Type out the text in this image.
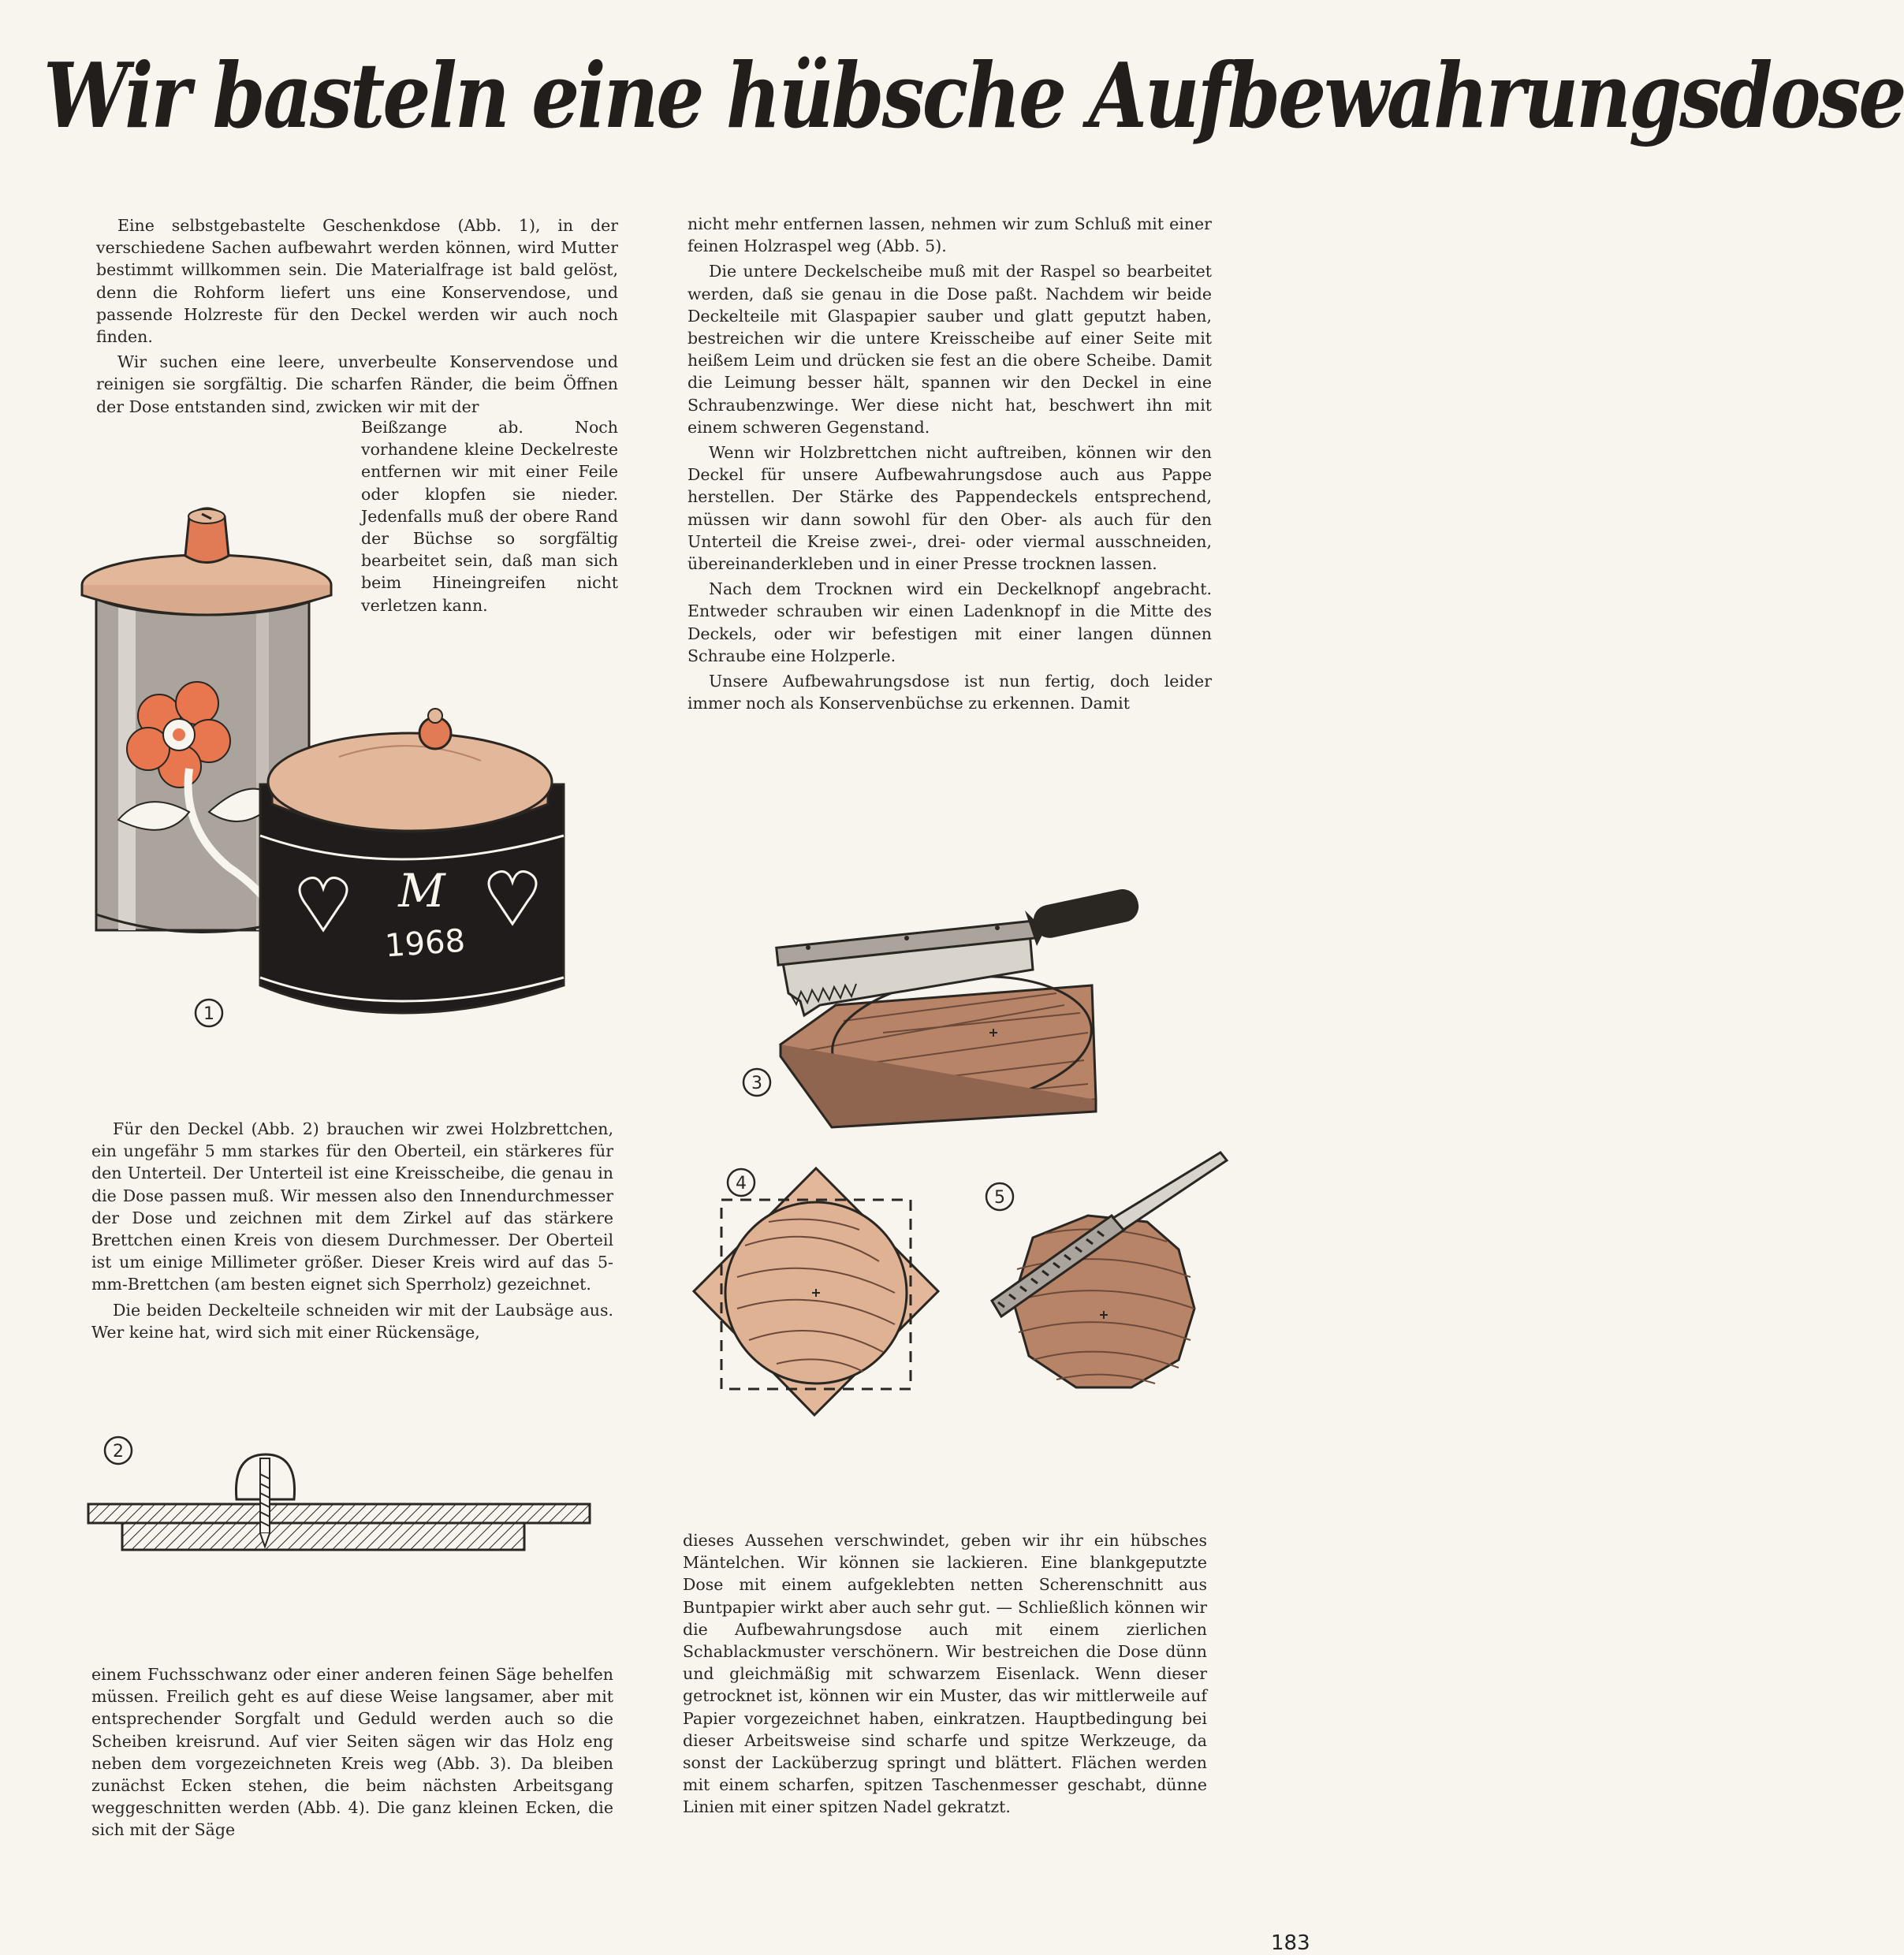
Wir basteln eine hübsche Aufbewahrungsdose

Eine selbstgebastelte Geschenkdose (Abb. 1), in der verschiedene Sachen aufbewahrt werden können, wird Mutter bestimmt willkommen sein. Die Materialfrage ist bald gelöst, denn die Rohform liefert uns eine Konservendose, und passende Holzreste für den Deckel werden wir auch noch finden.

Wir suchen eine leere, unverbeulte Konservendose und reinigen sie sorgfältig. Die scharfen Ränder, die beim Öffnen der Dose entstanden sind, zwicken wir mit der

Beißzange ab. Noch vorhandene kleine Deckelreste entfernen wir mit einer Feile oder klopfen sie nieder. Jedenfalls muß der obere Rand der Büchse so sorgfältig bearbeitet sein, daß man sich beim Hineingreifen nicht verletzen kann.

Für den Deckel (Abb. 2) brauchen wir zwei Holzbrettchen, ein ungefähr 5 mm starkes für den Oberteil, ein stärkeres für den Unterteil. Der Unterteil ist eine Kreisscheibe, die genau in die Dose passen muß. Wir messen also den Innendurchmesser der Dose und zeichnen mit dem Zirkel auf das stärkere Brettchen einen Kreis von diesem Durchmesser. Der Oberteil ist um einige Millimeter größer. Dieser Kreis wird auf das 5-mm-Brettchen (am besten eignet sich Sperrholz) gezeichnet.

Die beiden Deckelteile schneiden wir mit der Laubsäge aus. Wer keine hat, wird sich mit einer Rückensäge,

einem Fuchsschwanz oder einer anderen feinen Säge behelfen müssen. Freilich geht es auf diese Weise langsamer, aber mit entsprechender Sorgfalt und Geduld werden auch so die Scheiben kreisrund. Auf vier Seiten sägen wir das Holz eng neben dem vorgezeichneten Kreis weg (Abb. 3). Da bleiben zunächst Ecken stehen, die beim nächsten Arbeitsgang weggeschnitten werden (Abb. 4). Die ganz kleinen Ecken, die sich mit der Säge

nicht mehr entfernen lassen, nehmen wir zum Schluß mit einer feinen Holzraspel weg (Abb. 5).

Die untere Deckelscheibe muß mit der Raspel so bearbeitet werden, daß sie genau in die Dose paßt. Nachdem wir beide Deckelteile mit Glaspapier sauber und glatt geputzt haben, bestreichen wir die untere Kreisscheibe auf einer Seite mit heißem Leim und drücken sie fest an die obere Scheibe. Damit die Leimung besser hält, spannen wir den Deckel in eine Schraubenzwinge. Wer diese nicht hat, beschwert ihn mit einem schweren Gegenstand.

Wenn wir Holzbrettchen nicht auftreiben, können wir den Deckel für unsere Aufbewahrungsdose auch aus Pappe herstellen. Der Stärke des Pappendeckels entsprechend, müssen wir dann sowohl für den Ober- als auch für den Unterteil die Kreise zwei-, drei- oder viermal ausschneiden, übereinanderkleben und in einer Presse trocknen lassen.

Nach dem Trocknen wird ein Deckelknopf angebracht. Entweder schrauben wir einen Ladenknopf in die Mitte des Deckels, oder wir befestigen mit einer langen dünnen Schraube eine Holzperle.

Unsere Aufbewahrungsdose ist nun fertig, doch leider immer noch als Konservenbüchse zu erkennen. Damit

dieses Aussehen verschwindet, geben wir ihr ein hübsches Mäntelchen. Wir können sie lackieren. Eine blankgeputzte Dose mit einem aufgeklebten netten Scherenschnitt aus Buntpapier wirkt aber auch sehr gut. — Schließlich können wir die Aufbewahrungsdose auch mit einem zierlichen Schablackmuster verschönern. Wir bestreichen die Dose dünn und gleichmäßig mit schwarzem Eisenlack. Wenn dieser getrocknet ist, können wir ein Muster, das wir mittlerweile auf Papier vorgezeichnet haben, einkratzen. Hauptbedingung bei dieser Arbeitsweise sind scharfe und spitze Werkzeuge, da sonst der Lacküberzug springt und blättert. Flächen werden mit einem scharfen, spitzen Taschenmesser geschabt, dünne Linien mit einer spitzen Nadel gekratzt.

M
1968
1
2
3
4
5
183
